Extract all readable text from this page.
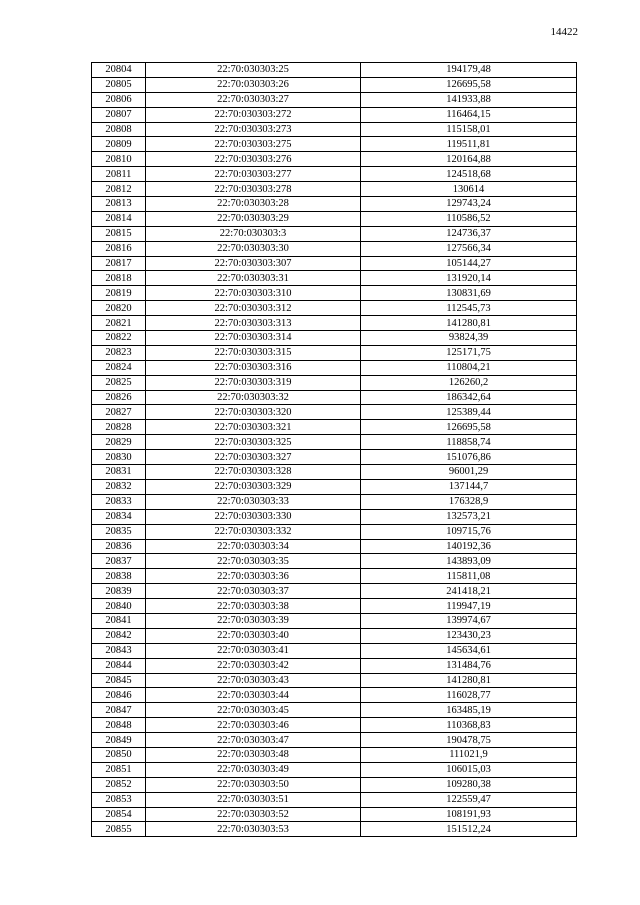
14422
20804	22:70:030303:25	194179,48
20805	22:70:030303:26	126695,58
20806	22:70:030303:27	141933,88
20807	22:70:030303:272	116464,15
20808	22:70:030303:273	115158,01
20809	22:70:030303:275	119511,81
20810	22:70:030303:276	120164,88
20811	22:70:030303:277	124518,68
20812	22:70:030303:278	130614
20813	22:70:030303:28	129743,24
20814	22:70:030303:29	110586,52
20815	22:70:030303:3	124736,37
20816	22:70:030303:30	127566,34
20817	22:70:030303:307	105144,27
20818	22:70:030303:31	131920,14
20819	22:70:030303:310	130831,69
20820	22:70:030303:312	112545,73
20821	22:70:030303:313	141280,81
20822	22:70:030303:314	93824,39
20823	22:70:030303:315	125171,75
20824	22:70:030303:316	110804,21
20825	22:70:030303:319	126260,2
20826	22:70:030303:32	186342,64
20827	22:70:030303:320	125389,44
20828	22:70:030303:321	126695,58
20829	22:70:030303:325	118858,74
20830	22:70:030303:327	151076,86
20831	22:70:030303:328	96001,29
20832	22:70:030303:329	137144,7
20833	22:70:030303:33	176328,9
20834	22:70:030303:330	132573,21
20835	22:70:030303:332	109715,76
20836	22:70:030303:34	140192,36
20837	22:70:030303:35	143893,09
20838	22:70:030303:36	115811,08
20839	22:70:030303:37	241418,21
20840	22:70:030303:38	119947,19
20841	22:70:030303:39	139974,67
20842	22:70:030303:40	123430,23
20843	22:70:030303:41	145634,61
20844	22:70:030303:42	131484,76
20845	22:70:030303:43	141280,81
20846	22:70:030303:44	116028,77
20847	22:70:030303:45	163485,19
20848	22:70:030303:46	110368,83
20849	22:70:030303:47	190478,75
20850	22:70:030303:48	111021,9
20851	22:70:030303:49	106015,03
20852	22:70:030303:50	109280,38
20853	22:70:030303:51	122559,47
20854	22:70:030303:52	108191,93
20855	22:70:030303:53	151512,24
